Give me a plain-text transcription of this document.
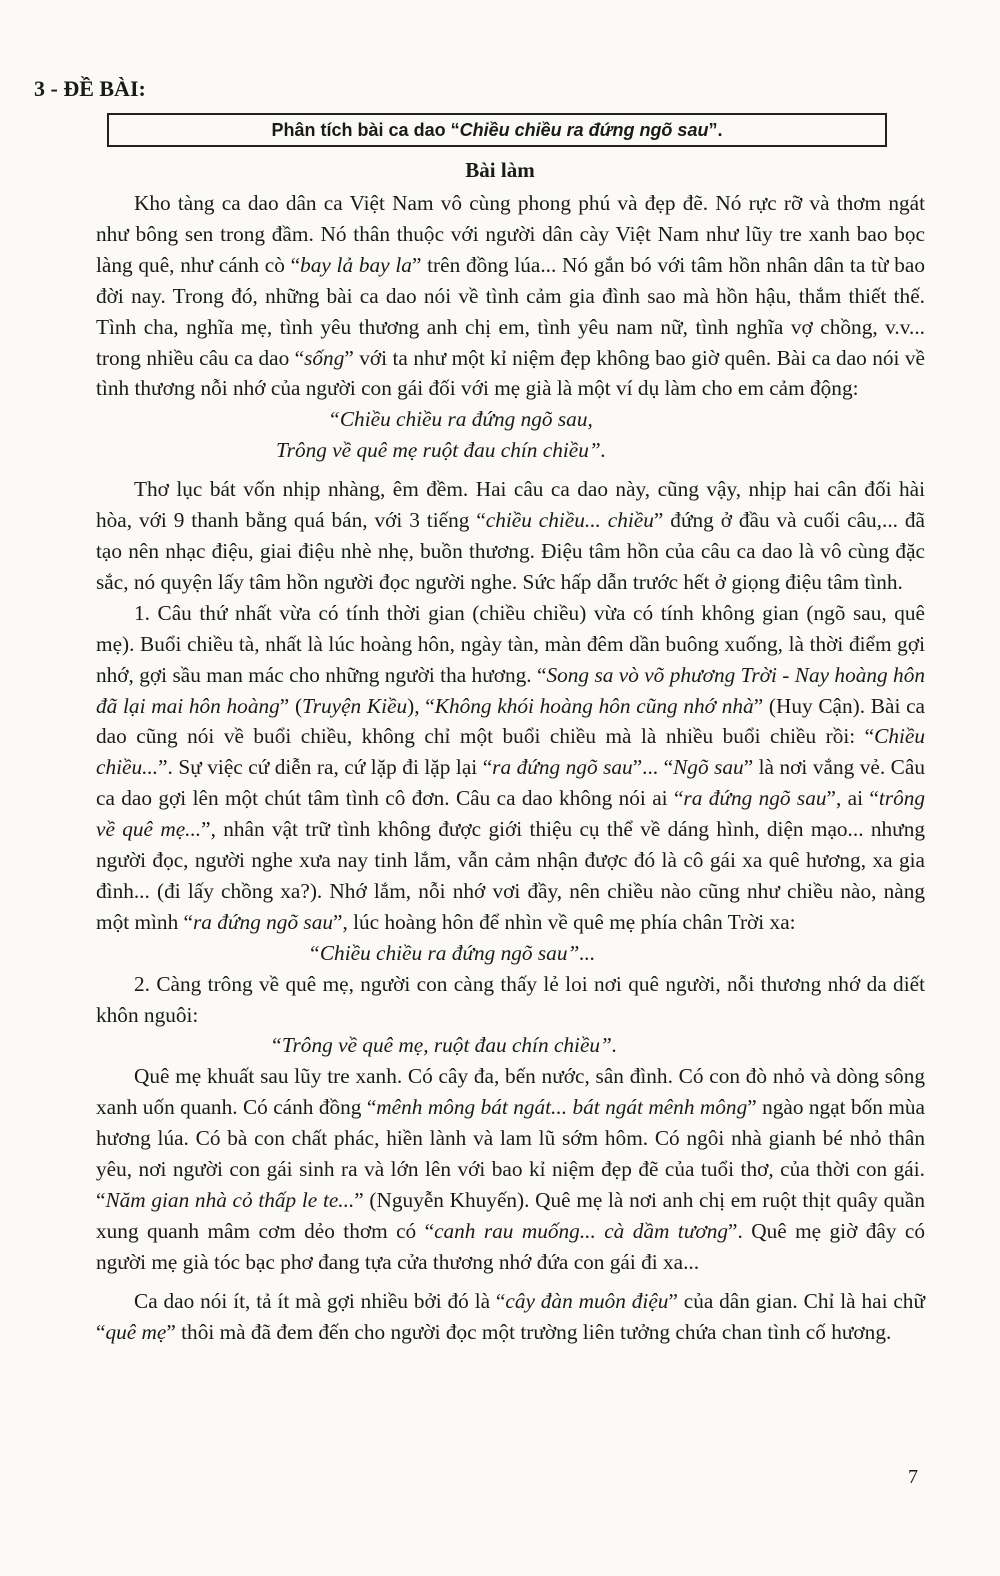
3 - ĐỀ BÀI:
Phân tích bài ca dao “Chiều chiều ra đứng ngõ sau”.
Bài làm

Kho tàng ca dao dân ca Việt Nam vô cùng phong phú và đẹp đẽ. Nó rực rỡ và thơm ngát như bông sen trong đầm. Nó thân thuộc với người dân cày Việt Nam như lũy tre xanh bao bọc làng quê, như cánh cò “bay lả bay la” trên đồng lúa... Nó gắn bó với tâm hồn nhân dân ta từ bao đời nay. Trong đó, những bài ca dao nói về tình cảm gia đình sao mà hồn hậu, thắm thiết thế. Tình cha, nghĩa mẹ, tình yêu thương anh chị em, tình yêu nam nữ, tình nghĩa vợ chồng, v.v... trong nhiều câu ca dao “sống” với ta như một kỉ niệm đẹp không bao giờ quên. Bài ca dao nói về tình thương nỗi nhớ của người con gái đối với mẹ già là một ví dụ làm cho em cảm động:

“Chiều chiều ra đứng ngõ sau,

Trông về quê mẹ ruột đau chín chiều”.

Thơ lục bát vốn nhịp nhàng, êm đềm. Hai câu ca dao này, cũng vậy, nhịp hai cân đối hài hòa, với 9 thanh bằng quá bán, với 3 tiếng “chiều chiều... chiều” đứng ở đầu và cuối câu,... đã tạo nên nhạc điệu, giai điệu nhè nhẹ, buồn thương. Điệu tâm hồn của câu ca dao là vô cùng đặc sắc, nó quyện lấy tâm hồn người đọc người nghe. Sức hấp dẫn trước hết ở giọng điệu tâm tình.

1. Câu thứ nhất vừa có tính thời gian (chiều chiều) vừa có tính không gian (ngõ sau, quê mẹ). Buổi chiều tà, nhất là lúc hoàng hôn, ngày tàn, màn đêm dần buông xuống, là thời điểm gợi nhớ, gợi sầu man mác cho những người tha hương. “Song sa vò võ phương Trời - Nay hoàng hôn đã lại mai hôn hoàng” (Truyện Kiều), “Không khói hoàng hôn cũng nhớ nhà” (Huy Cận). Bài ca dao cũng nói về buổi chiều, không chỉ một buổi chiều mà là nhiều buổi chiều rồi: “Chiều chiều...”. Sự việc cứ diễn ra, cứ lặp đi lặp lại “ra đứng ngõ sau”... “Ngõ sau” là nơi vắng vẻ. Câu ca dao gợi lên một chút tâm tình cô đơn. Câu ca dao không nói ai “ra đứng ngõ sau”, ai “trông về quê mẹ...”, nhân vật trữ tình không được giới thiệu cụ thể về dáng hình, diện mạo... nhưng người đọc, người nghe xưa nay tinh lắm, vẫn cảm nhận được đó là cô gái xa quê hương, xa gia đình... (đi lấy chồng xa?). Nhớ lắm, nỗi nhớ vơi đầy, nên chiều nào cũng như chiều nào, nàng một mình “ra đứng ngõ sau”, lúc hoàng hôn để nhìn về quê mẹ phía chân Trời xa:

“Chiều chiều ra đứng ngõ sau”...

2. Càng trông về quê mẹ, người con càng thấy lẻ loi nơi quê người, nỗi thương nhớ da diết khôn nguôi:

“Trông về quê mẹ, ruột đau chín chiều”.

Quê mẹ khuất sau lũy tre xanh. Có cây đa, bến nước, sân đình. Có con đò nhỏ và dòng sông xanh uốn quanh. Có cánh đồng “mênh mông bát ngát... bát ngát mênh mông” ngào ngạt bốn mùa hương lúa. Có bà con chất phác, hiền lành và lam lũ sớm hôm. Có ngôi nhà gianh bé nhỏ thân yêu, nơi người con gái sinh ra và lớn lên với bao kỉ niệm đẹp đẽ của tuổi thơ, của thời con gái. “Năm gian nhà cỏ thấp le te...” (Nguyễn Khuyến). Quê mẹ là nơi anh chị em ruột thịt quây quần xung quanh mâm cơm dẻo thơm có “canh rau muống... cà dầm tương”. Quê mẹ giờ đây có người mẹ già tóc bạc phơ đang tựa cửa thương nhớ đứa con gái đi xa...

Ca dao nói ít, tả ít mà gợi nhiều bởi đó là “cây đàn muôn điệu” của dân gian. Chỉ là hai chữ “quê mẹ” thôi mà đã đem đến cho người đọc một trường liên tưởng chứa chan tình cố hương.

7
